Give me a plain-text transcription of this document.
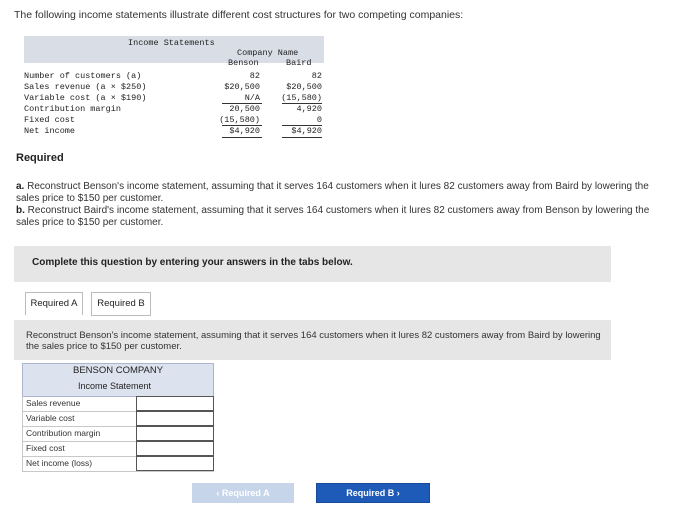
The following income statements illustrate different cost structures for two competing companies:
Income Statements
Company Name
Benson	Baird
Number of customers (a)	82	82
Sales revenue (a × $250)	$20,500	$20,500
Variable cost (a × $190)	N/A (15,580)
Contribution margin	20,500	4,920
Fixed cost	(15,580)	0
Net income	$4,920	$4,920
Required
a. Reconstruct Benson's income statement, assuming that it serves 164 customers when it lures 82 customers away from Baird by lowering the sales price to $150 per customer.
b. Reconstruct Baird's income statement, assuming that it serves 164 customers when it lures 82 customers away from Benson by lowering the sales price to $150 per customer.
Complete this question by entering your answers in the tabs below.
Required A	Required B
Reconstruct Benson's income statement, assuming that it serves 164 customers when it lures 82 customers away from Baird by lowering the sales price to $150 per customer.
BENSON COMPANY
Income Statement
Sales revenue
Variable cost
Contribution margin
Fixed cost
Net income (loss)
‹ Required A	Required B ›
